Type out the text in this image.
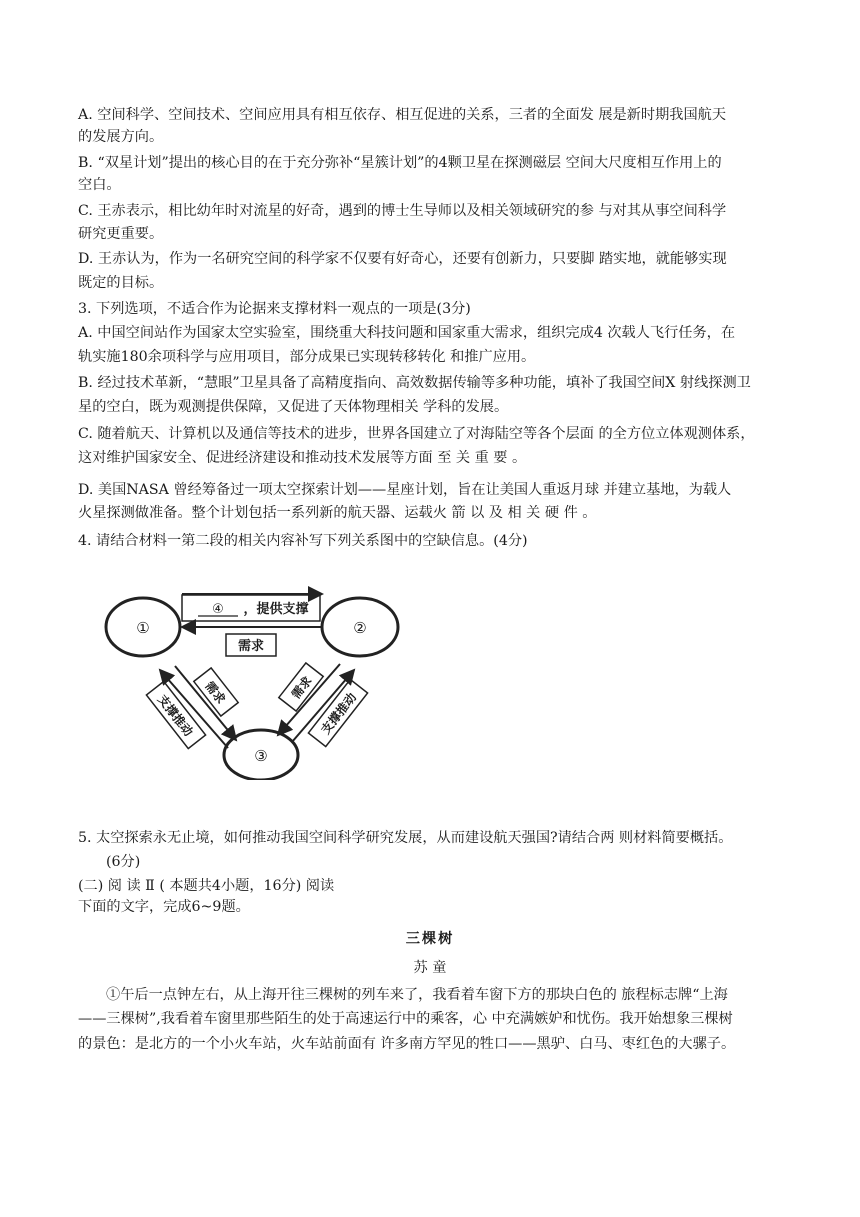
A. 空间科学、空间技术、空间应用具有相互依存、相互促进的关系，三者的全面发 展是新时期我国航天
的发展方向。
B. “双星计划”提出的核心目的在于充分弥补“星簇计划”的4颗卫星在探测磁层 空间大尺度相互作用上的
空白。
C. 王赤表示，相比幼年时对流星的好奇，遇到的博士生导师以及相关领域研究的参 与对其从事空间科学
研究更重要。
D. 王赤认为，作为一名研究空间的科学家不仅要有好奇心，还要有创新力，只要脚 踏实地，就能够实现
既定的目标。
3. 下列选项，不适合作为论据来支撑材料一观点的一项是(3分)
A. 中国空间站作为国家太空实验室，围绕重大科技问题和国家重大需求，组织完成4 次载人飞行任务，在
轨实施180余项科学与应用项目，部分成果已实现转移转化 和推广应用。
B. 经过技术革新，“慧眼”卫星具备了高精度指向、高效数据传输等多种功能，填补了我国空间X 射线探测卫
星的空白，既为观测提供保障，又促进了天体物理相关 学科的发展。
C. 随着航天、计算机以及通信等技术的进步，世界各国建立了对海陆空等各个层面 的全方位立体观测体系，
这对维护国家安全、促进经济建设和推动技术发展等方面 至 关 重 要 。
D. 美国NASA 曾经筹备过一项太空探索计划——星座计划，旨在让美国人重返月球 并建立基地，为载人
火星探测做准备。整个计划包括一系列新的航天器、运载火 箭 以 及 相 关 硬 件 。
4. 请结合材料一第二段的相关内容补写下列关系图中的空缺信息。(4分)
①	②
③
④ ，提供支撑
需求
需求
支撑推动
需求
支撑推动
5. 太空探索永无止境，如何推动我国空间科学研究发展，从而建设航天强国?请结合两 则材料简要概括。
(6分)
(二) 阅 读 Ⅱ ( 本题共4小题，16分) 阅读
下面的文字，完成6~9题。
三棵树
苏 童
①午后一点钟左右，从上海开往三棵树的列车来了，我看着车窗下方的那块白色的 旅程标志牌“上海
——三棵树”,我看着车窗里那些陌生的处于高速运行中的乘客，心 中充满嫉妒和忧伤。我开始想象三棵树
的景色：是北方的一个小火车站，火车站前面有 许多南方罕见的牲口——黑驴、白马、枣红色的大骡子。
